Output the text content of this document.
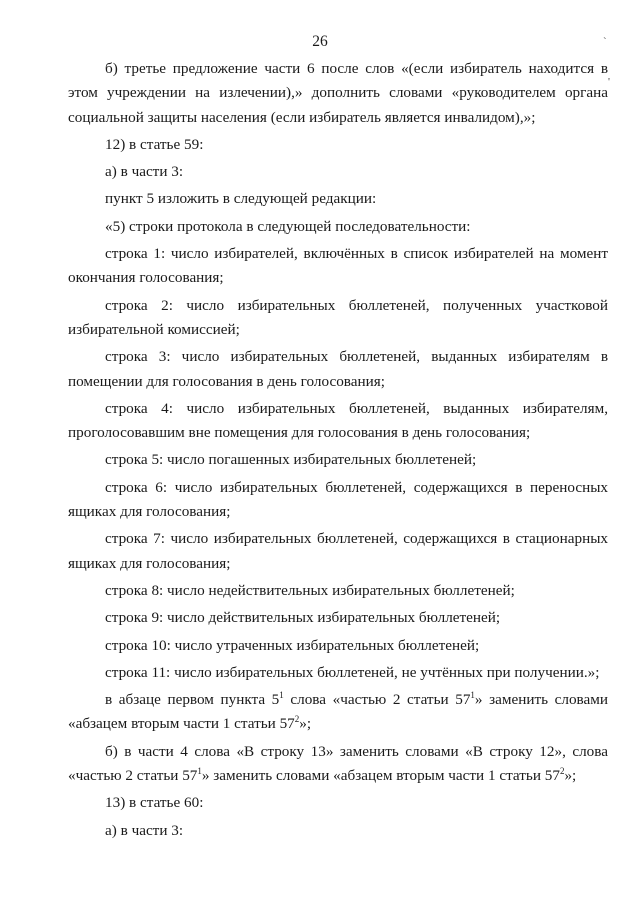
26	`
'
б) третье предложение части 6 после слов «(если избиратель находится в
этом учреждении на излечении),» дополнить словами «руководителем органа
социальной защиты населения (если избиратель является инвалидом),»;
12) в статье 59:
а) в части 3:
пункт 5 изложить в следующей редакции:
«5) строки протокола в следующей последовательности:
строка 1: число избирателей, включённых в список избирателей на момент
окончания голосования;
строка 2: число избирательных бюллетеней, полученных участковой
избирательной комиссией;
строка 3: число избирательных бюллетеней, выданных избирателям в
помещении для голосования в день голосования;
строка 4: число избирательных бюллетеней, выданных избирателям,
проголосовавшим вне помещения для голосования в день голосования;
строка 5: число погашенных избирательных бюллетеней;
строка 6: число избирательных бюллетеней, содержащихся в переносных
ящиках для голосования;
строка 7: число избирательных бюллетеней, содержащихся в стационарных
ящиках для голосования;
строка 8: число недействительных избирательных бюллетеней;
строка 9: число действительных избирательных бюллетеней;
строка 10: число утраченных избирательных бюллетеней;
строка 11: число избирательных бюллетеней, не учтённых при получении.»;
в абзаце первом пункта $5^1$ слова «частью 2 статьи $57^1$» заменить словами
«абзацем вторым части 1 статьи $57^2$»;
б) в части 4 слова «В строку 13» заменить словами «В строку 12», слова
«частью 2 статьи $57^1$» заменить словами «абзацем вторым части 1 статьи $57^2$»;
13) в статье 60:
а) в части 3:
